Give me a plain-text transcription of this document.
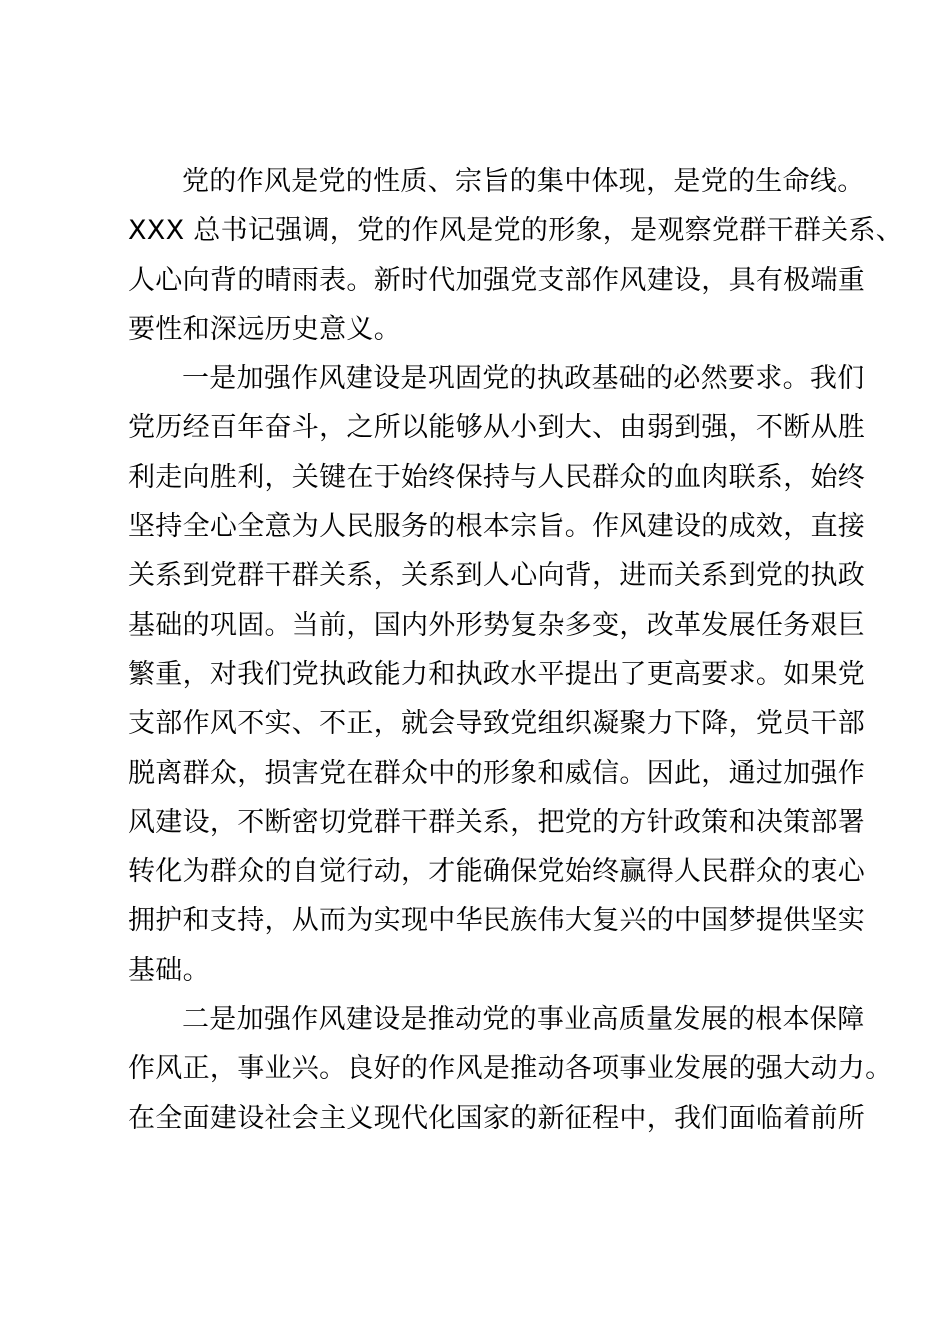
党的作风是党的性质、宗旨的集中体现，是党的生命线。
XXX 总书记强调，党的作风是党的形象，是观察党群干群关系、
人心向背的晴雨表。新时代加强党支部作风建设，具有极端重
要性和深远历史意义。
一是加强作风建设是巩固党的执政基础的必然要求。我们
党历经百年奋斗，之所以能够从小到大、由弱到强，不断从胜
利走向胜利，关键在于始终保持与人民群众的血肉联系，始终
坚持全心全意为人民服务的根本宗旨。作风建设的成效，直接
关系到党群干群关系，关系到人心向背，进而关系到党的执政
基础的巩固。当前，国内外形势复杂多变，改革发展任务艰巨
繁重，对我们党执政能力和执政水平提出了更高要求。如果党
支部作风不实、不正，就会导致党组织凝聚力下降，党员干部
脱离群众，损害党在群众中的形象和威信。因此，通过加强作
风建设，不断密切党群干群关系，把党的方针政策和决策部署
转化为群众的自觉行动，才能确保党始终赢得人民群众的衷心
拥护和支持，从而为实现中华民族伟大复兴的中国梦提供坚实
基础。
二是加强作风建设是推动党的事业高质量发展的根本保障
作风正，事业兴。良好的作风是推动各项事业发展的强大动力。
在全面建设社会主义现代化国家的新征程中，我们面临着前所
